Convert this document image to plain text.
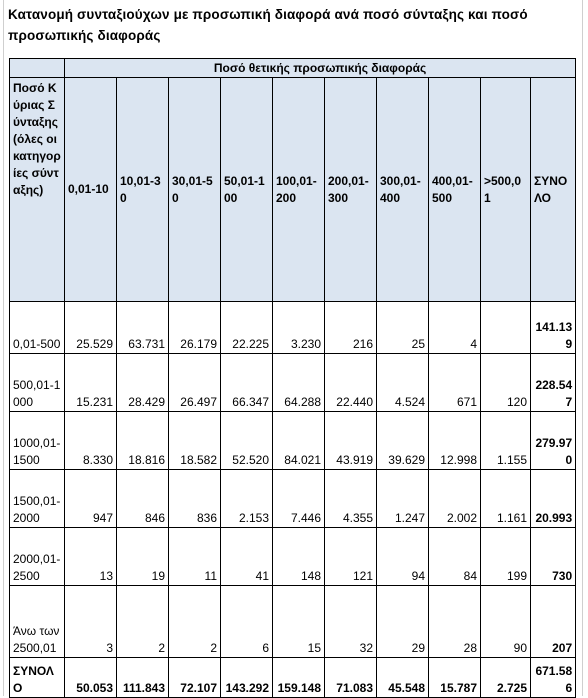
Κατανομή συνταξιούχων με προσωπική διαφορά ανά ποσό σύνταξης και ποσό προσωπικής διαφοράς
	Ποσό θετικής προσωπικής διαφοράς									
Ποσό Κύριας Σύνταξης (όλες οι κατηγορίες σύνταξης)	0,01-10	10,01-30	30,01-50	50,01-100	100,01-200	200,01-300	300,01-400	400,01-500	>500,01	ΣΥΝΟΛΟ
0,01-500	25.529	63.731	26.179	22.225	3.230	216	25	4		141.139
500,01-1000	15.231	28.429	26.497	66.347	64.288	22.440	4.524	671	120	228.547
1000,01-1500	8.330	18.816	18.582	52.520	84.021	43.919	39.629	12.998	1.155	279.970
1500,01-2000	947	846	836	2.153	7.446	4.355	1.247	2.002	1.161	20.993
2000,01-2500	13	19	11	41	148	121	94	84	199	730
Άνω των 2500,01	3	2	2	6	15	32	29	28	90	207
ΣΥΝΟΛΟ	50.053	111.843	72.107	143.292	159.148	71.083	45.548	15.787	2.725	671.586
